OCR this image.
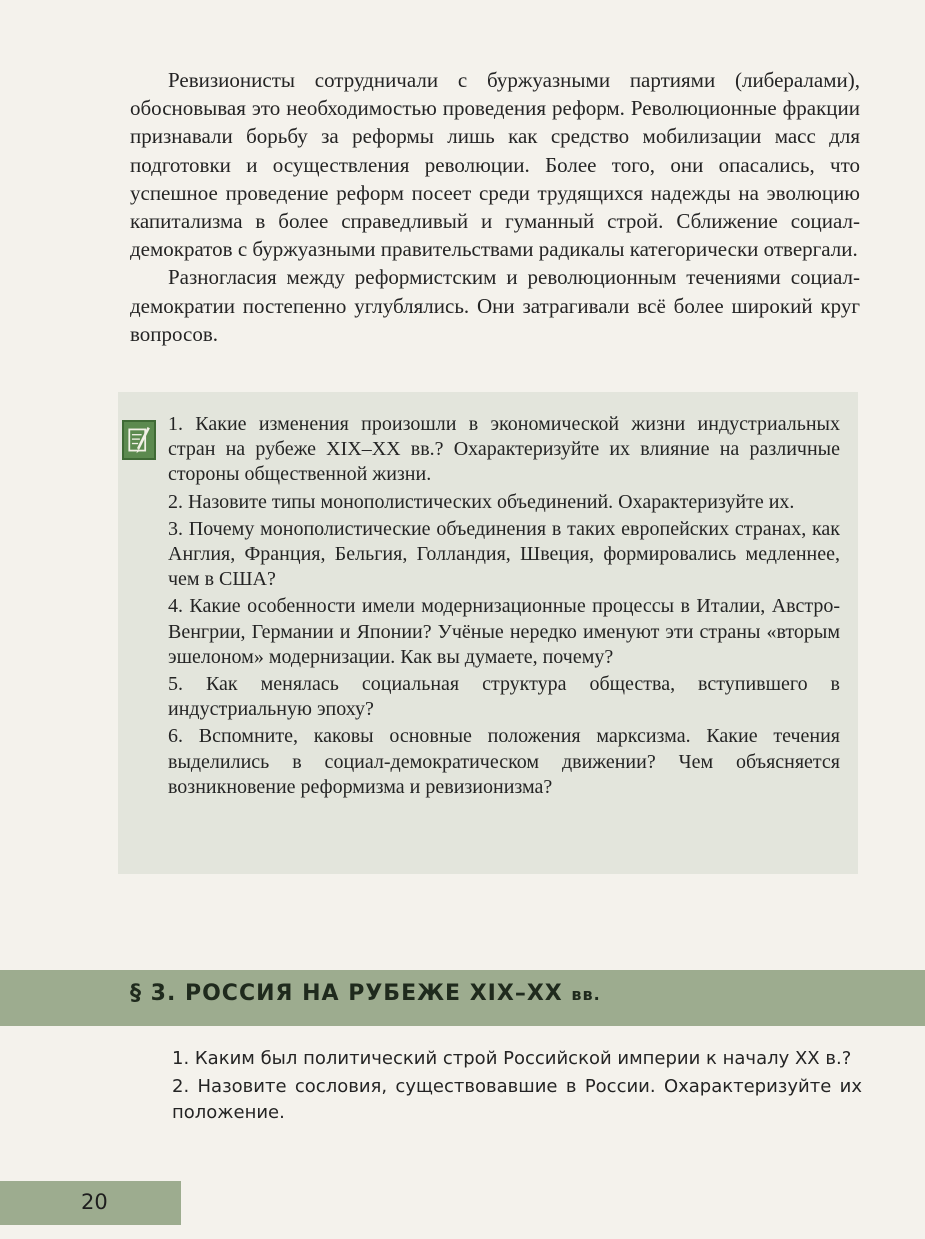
Ревизионисты сотрудничали с буржуазными партиями (либералами), обосновывая это необходимостью проведения реформ. Революционные фракции признавали борьбу за реформы лишь как средство мобилизации масс для подготовки и осуществления революции. Более того, они опасались, что успешное проведение реформ посеет среди трудящихся надежды на эволюцию капитализма в более справедливый и гуманный строй. Сближение социал-демократов с буржуазными правительствами радикалы категорически отвергали.

Разногласия между реформистским и революционным течениями социал-демократии постепенно углублялись. Они затрагивали всё более широкий круг вопросов.

1. Какие изменения произошли в экономической жизни индустриальных стран на рубеже XIX–XX вв.? Охарактеризуйте их влияние на различные стороны общественной жизни.

2. Назовите типы монополистических объединений. Охарактеризуйте их.

3. Почему монополистические объединения в таких европейских странах, как Англия, Франция, Бельгия, Голландия, Швеция, формировались медленнее, чем в США?

4. Какие особенности имели модернизационные процессы в Италии, Австро-Венгрии, Германии и Японии? Учёные нередко именуют эти страны «вторым эшелоном» модернизации. Как вы думаете, почему?

5. Как менялась социальная структура общества, вступившего в индустриальную эпоху?

6. Вспомните, каковы основные положения марксизма. Какие течения выделились в социал-демократическом движении? Чем объясняется возникновение реформизма и ревизионизма?

§ 3. РОССИЯ НА РУБЕЖЕ XIX–XX вв.

1. Каким был политический строй Российской империи к началу XX в.?

2. Назовите сословия, существовавшие в России. Охарактеризуйте их положение.

20
